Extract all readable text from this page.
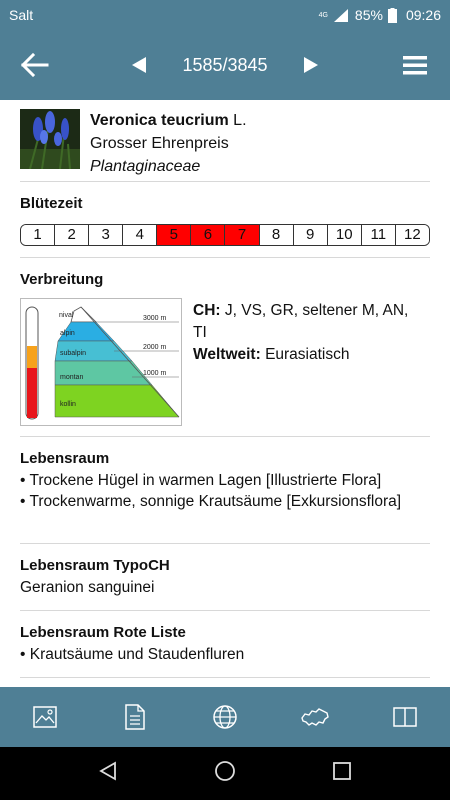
Salt	4G 85% 09:26
1585/3845
Veronica teucrium L.
Grosser Ehrenpreis
Plantaginaceae
Blütezeit
1	2	3	4	5	6	7	8	9	10	11	12
Verbreitung
nival
alpin
subalpin
montan
kollin
3000 m
2000 m
1000 m
CH: J, VS, GR, seltener M, AN, TI
Weltweit: Eurasiatisch
Lebensraum
• Trockene Hügel in warmen Lagen [Illustrierte Flora]
• Trockenwarme, sonnige Krautsäume [Exkursionsflora]
Lebensraum TypoCH
Geranion sanguinei
Lebensraum Rote Liste
• Krautsäume und Staudenfluren
